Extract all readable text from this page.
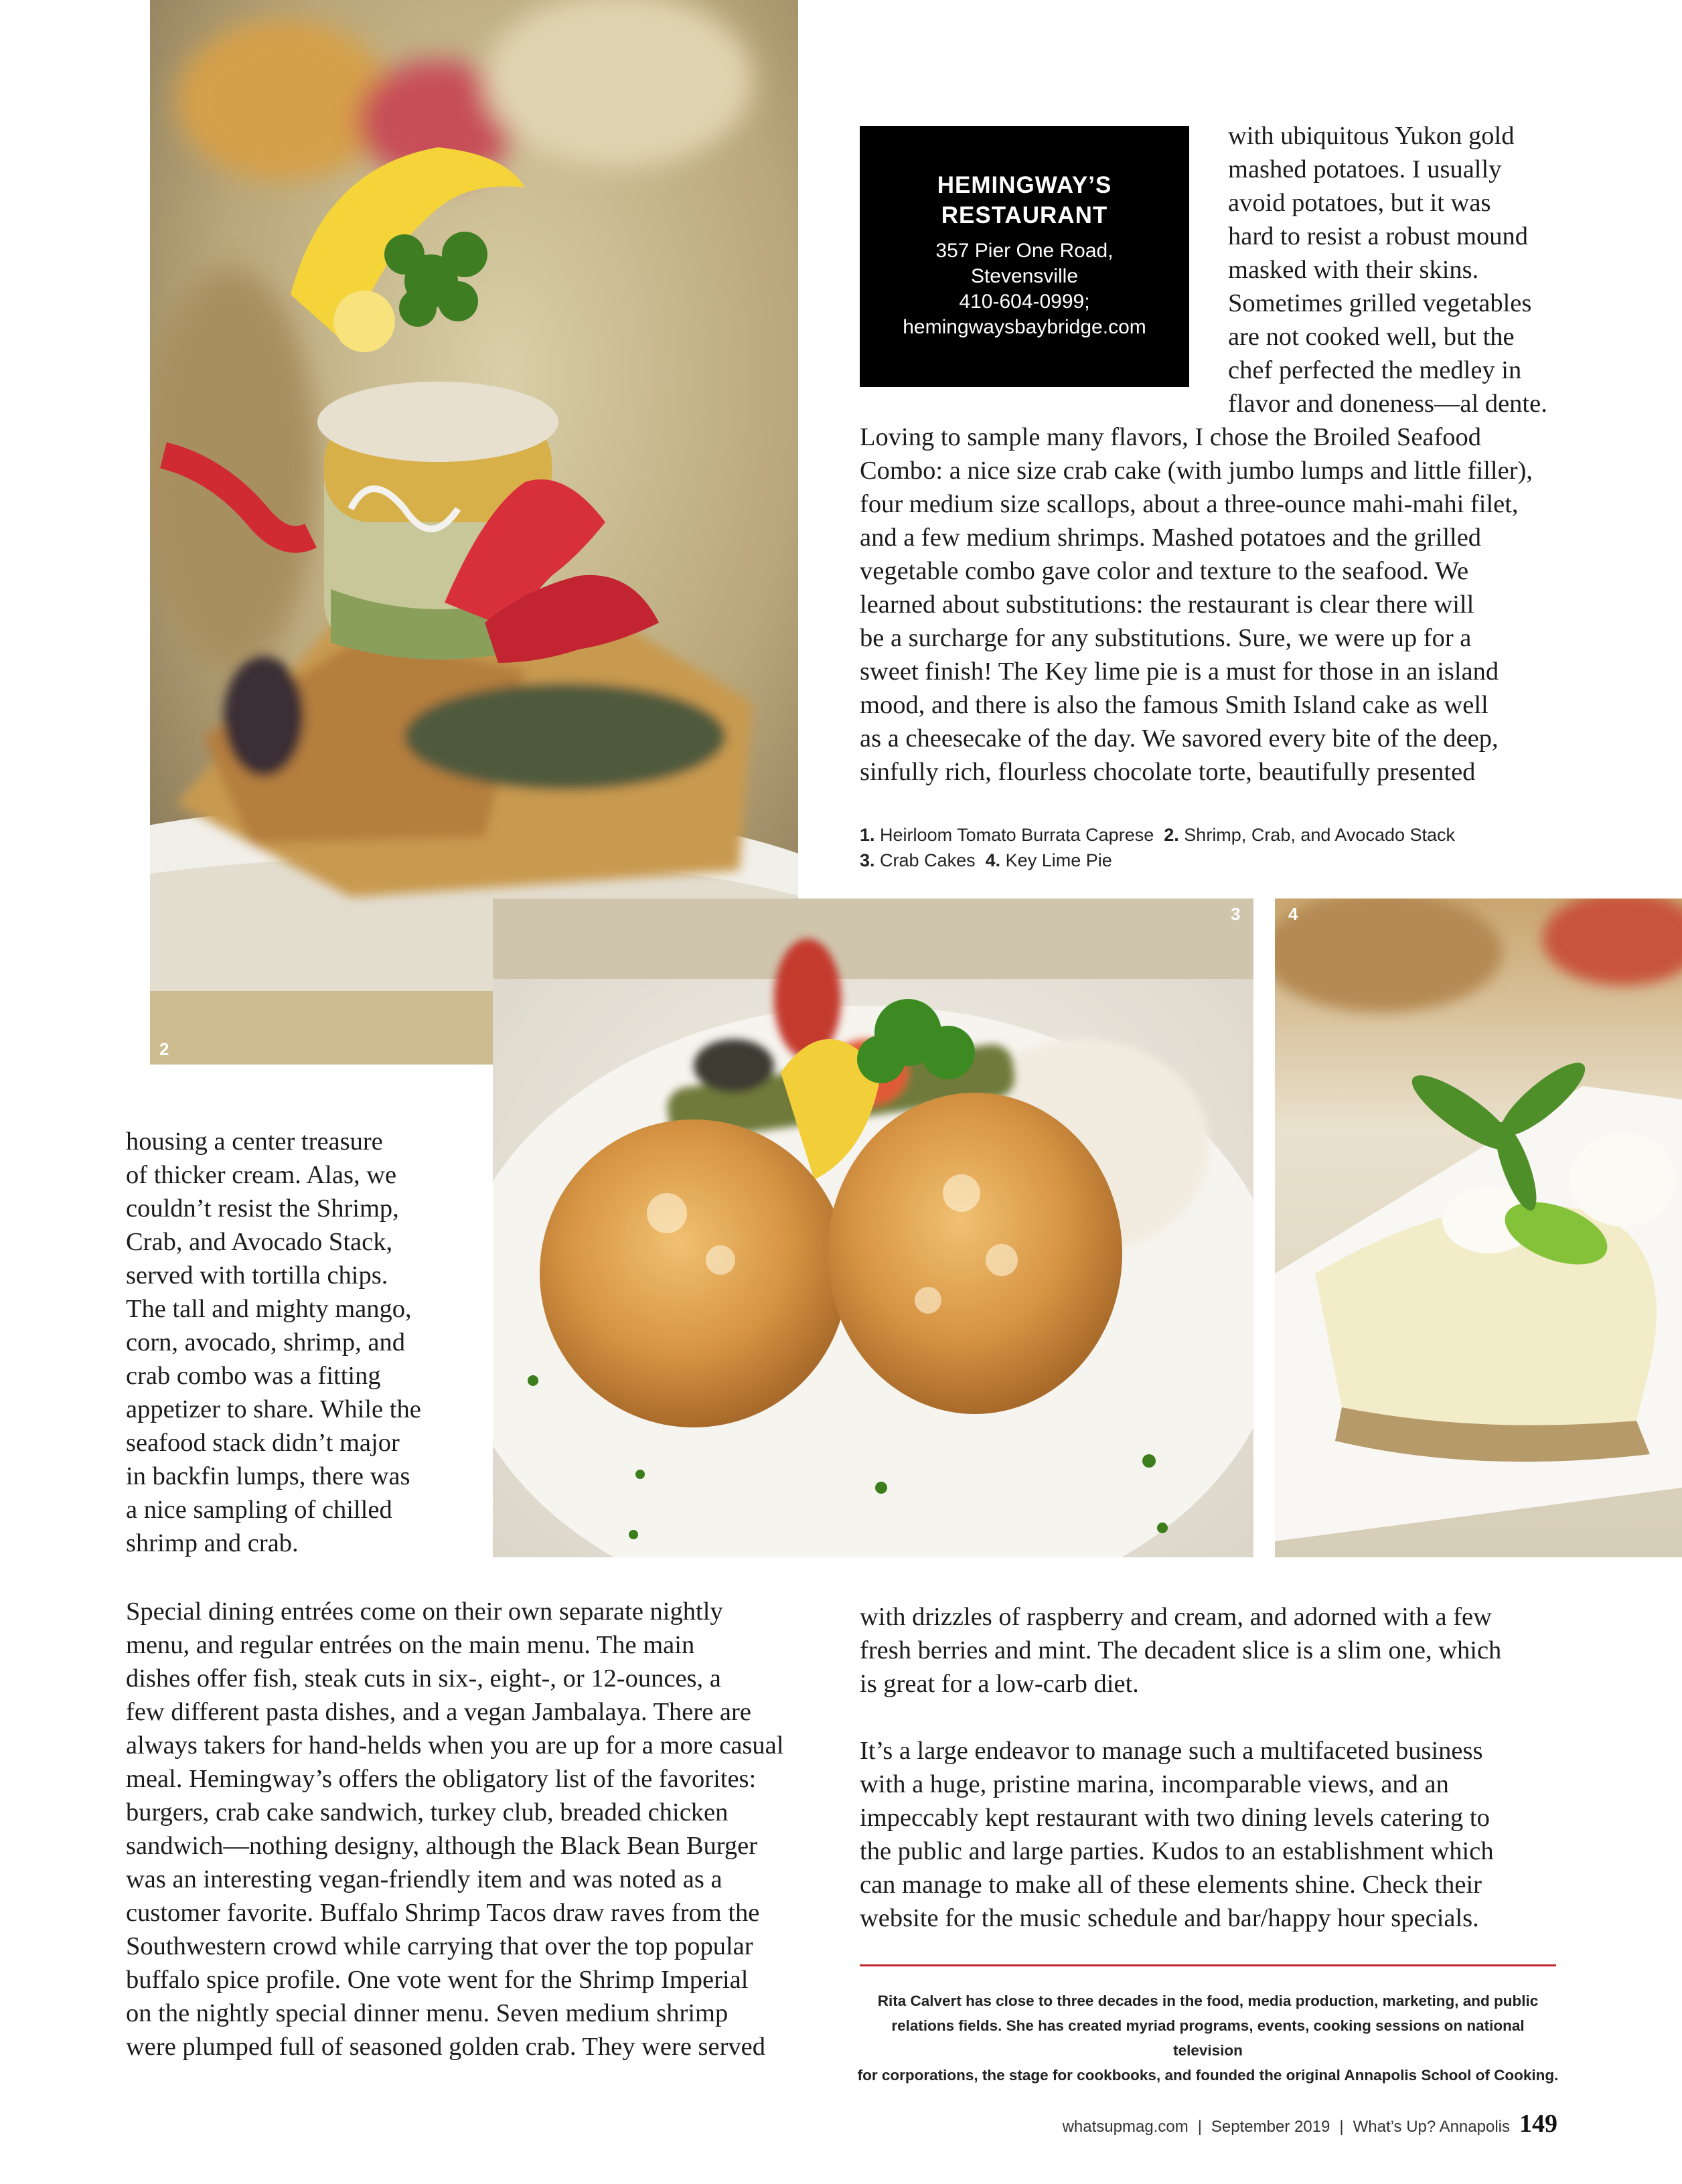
2
3	4
HEMINGWAY’S
RESTAURANT
357 Pier One Road,
Stevensville
410-604-0999;
hemingwaysbaybridge.com
with ubiquitous Yukon gold
mashed potatoes. I usually
avoid potatoes, but it was
hard to resist a robust mound
masked with their skins.
Sometimes grilled vegetables
are not cooked well, but the
chef perfected the medley in
flavor and doneness—al dente.
Loving to sample many flavors, I chose the Broiled Seafood
Combo: a nice size crab cake (with jumbo lumps and little filler),
four medium size scallops, about a three-ounce mahi-mahi filet,
and a few medium shrimps. Mashed potatoes and the grilled
vegetable combo gave color and texture to the seafood. We
learned about substitutions: the restaurant is clear there will
be a surcharge for any substitutions. Sure, we were up for a
sweet finish! The Key lime pie is a must for those in an island
mood, and there is also the famous Smith Island cake as well
as a cheesecake of the day. We savored every bite of the deep,
sinfully rich, flourless chocolate torte, beautifully presented
1. Heirloom Tomato Burrata Caprese 2. Shrimp, Crab, and Avocado Stack
3. Crab Cakes 4. Key Lime Pie
housing a center treasure
of thicker cream. Alas, we
couldn’t resist the Shrimp,
Crab, and Avocado Stack,
served with tortilla chips.
The tall and mighty mango,
corn, avocado, shrimp, and
crab combo was a fitting
appetizer to share. While the
seafood stack didn’t major
in backfin lumps, there was
a nice sampling of chilled
shrimp and crab.
Special dining entrées come on their own separate nightly
menu, and regular entrées on the main menu. The main
dishes offer fish, steak cuts in six-, eight-, or 12-ounces, a
few different pasta dishes, and a vegan Jambalaya. There are
always takers for hand-helds when you are up for a more casual
meal. Hemingway’s offers the obligatory list of the favorites:
burgers, crab cake sandwich, turkey club, breaded chicken
sandwich—nothing designy, although the Black Bean Burger
was an interesting vegan-friendly item and was noted as a
customer favorite. Buffalo Shrimp Tacos draw raves from the
Southwestern crowd while carrying that over the top popular
buffalo spice profile. One vote went for the Shrimp Imperial
on the nightly special dinner menu. Seven medium shrimp
were plumped full of seasoned golden crab. They were served
with drizzles of raspberry and cream, and adorned with a few
fresh berries and mint. The decadent slice is a slim one, which
is great for a low-carb diet.
It’s a large endeavor to manage such a multifaceted business
with a huge, pristine marina, incomparable views, and an
impeccably kept restaurant with two dining levels catering to
the public and large parties. Kudos to an establishment which
can manage to make all of these elements shine. Check their
website for the music schedule and bar/happy hour specials.
Rita Calvert has close to three decades in the food, media production, marketing, and public
relations fields. She has created myriad programs, events, cooking sessions on national television
for corporations, the stage for cookbooks, and founded the original Annapolis School of Cooking.
whatsupmag.com | September 2019 | What’s Up? Annapolis 149
